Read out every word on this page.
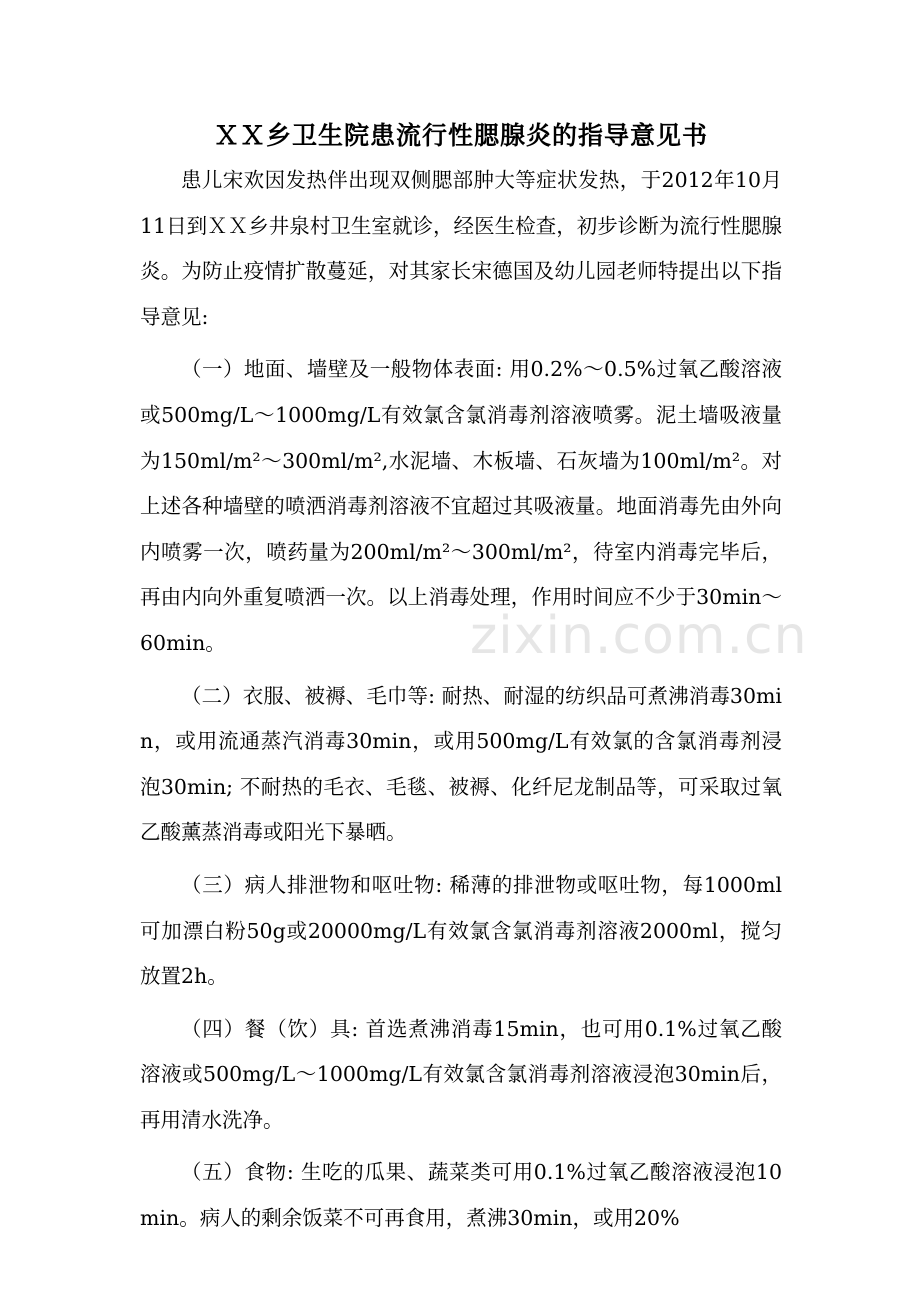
ＸＸ乡卫生院患流行性腮腺炎的指导意见书

患儿宋欢因发热伴出现双侧腮部肿大等症状发热，于2012年10月11日到ＸＸ乡井泉村卫生室就诊，经医生检查，初步诊断为流行性腮腺炎。为防止疫情扩散蔓延，对其家长宋德国及幼儿园老师特提出以下指导意见:

（一）地面、墙壁及一般物体表面: 用0.2%～0.5%过氧乙酸溶液或500mg/L～1000mg/L有效氯含氯消毒剂溶液喷雾。泥土墙吸液量为150ml/m²～300ml/m²,水泥墙、木板墙、石灰墙为100ml/m²。对上述各种墙壁的喷洒消毒剂溶液不宜超过其吸液量。地面消毒先由外向内喷雾一次，喷药量为200ml/m²～300ml/m²，待室内消毒完毕后，再由内向外重复喷洒一次。以上消毒处理，作用时间应不少于30min～60min。

（二）衣服、被褥、毛巾等: 耐热、耐湿的纺织品可煮沸消毒30min，或用流通蒸汽消毒30min，或用500mg/L有效氯的含氯消毒剂浸泡30min; 不耐热的毛衣、毛毯、被褥、化纤尼龙制品等，可采取过氧乙酸薰蒸消毒或阳光下暴晒。

（三）病人排泄物和呕吐物: 稀薄的排泄物或呕吐物，每1000ml可加漂白粉50g或20000mg/L有效氯含氯消毒剂溶液2000ml，搅匀放置2h。

（四）餐（饮）具: 首选煮沸消毒15min，也可用0.1%过氧乙酸溶液或500mg/L～1000mg/L有效氯含氯消毒剂溶液浸泡30min后，再用清水洗净。

（五）食物: 生吃的瓜果、蔬菜类可用0.1%过氧乙酸溶液浸泡10min。病人的剩余饭菜不可再食用，煮沸30min，或用20%

zixin.com.cn
